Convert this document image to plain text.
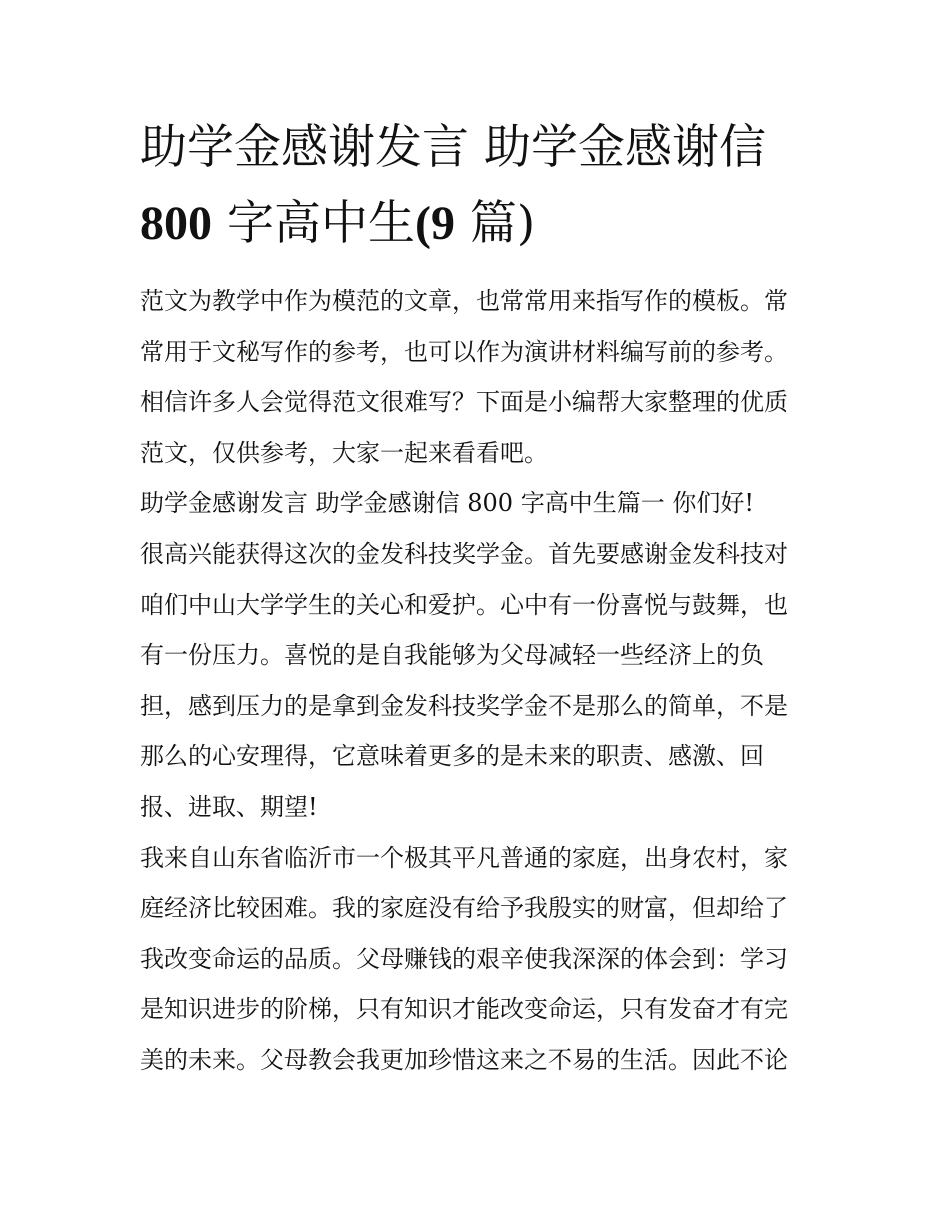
助学金感谢发言 助学金感谢信
800 字高中生(9 篇)

范文为教学中作为模范的文章，也常常用来指写作的模板。常
常用于文秘写作的参考，也可以作为演讲材料编写前的参考。
相信许多人会觉得范文很难写？下面是小编帮大家整理的优质
范文，仅供参考，大家一起来看看吧。

助学金感谢发言 助学金感谢信 800 字高中生篇一 你们好!

很高兴能获得这次的金发科技奖学金。首先要感谢金发科技对
咱们中山大学学生的关心和爱护。心中有一份喜悦与鼓舞，也
有一份压力。喜悦的是自我能够为父母减轻一些经济上的负
担，感到压力的是拿到金发科技奖学金不是那么的简单，不是
那么的心安理得，它意味着更多的是未来的职责、感激、回
报、进取、期望!

我来自山东省临沂市一个极其平凡普通的家庭，出身农村，家
庭经济比较困难。我的家庭没有给予我殷实的财富，但却给了
我改变命运的品质。父母赚钱的艰辛使我深深的体会到：学习
是知识进步的阶梯，只有知识才能改变命运，只有发奋才有完
美的未来。父母教会我更加珍惜这来之不易的生活。因此不论
